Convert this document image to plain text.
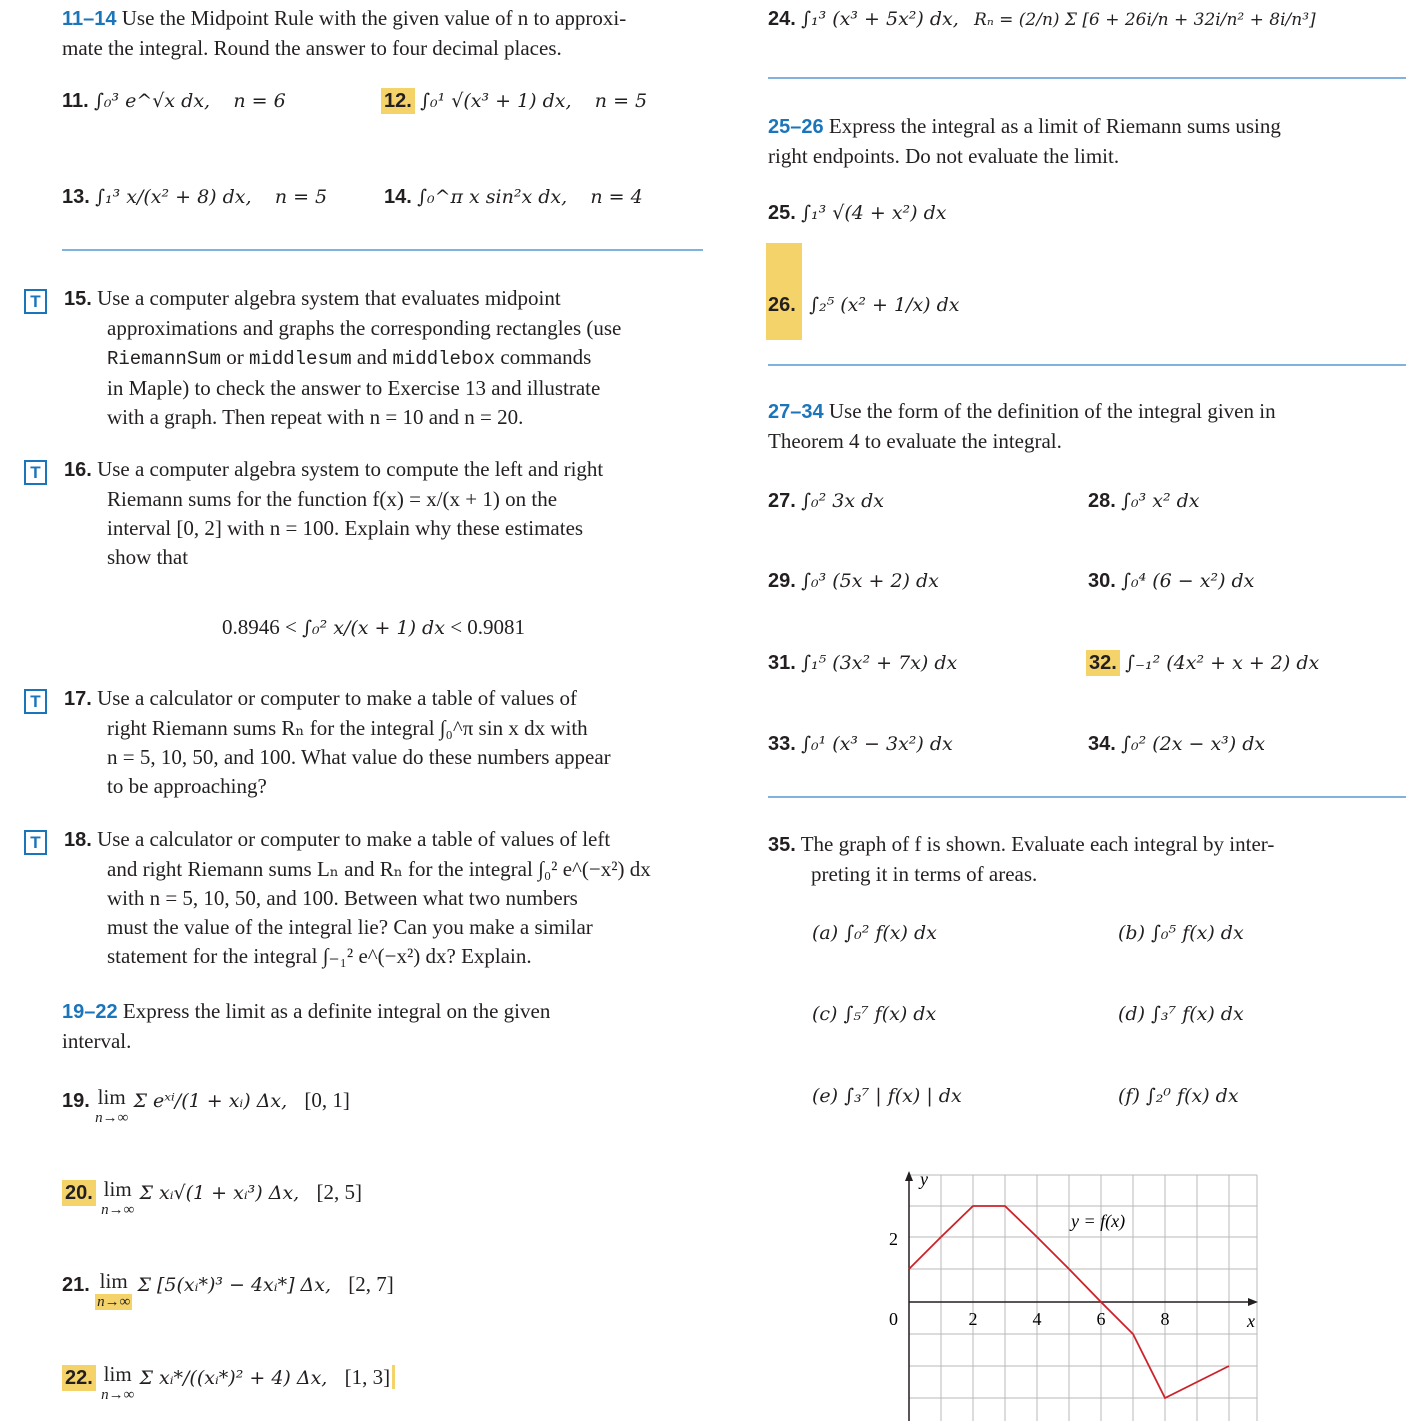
11–14 Use the Midpoint Rule with the given value of n to approxi-
mate the integral. Round the answer to four decimal places.
11. ∫₀³ e^√x dx, n = 6	12. ∫₀¹ √(x³ + 1) dx, n = 5
13. ∫₁³ x/(x² + 8) dx, n = 5	14. ∫₀^π x sin²x dx, n = 4
T	15. Use a computer algebra system that evaluates midpoint
approximations and graphs the corresponding rectangles (use
RiemannSum or middlesum and middlebox commands
in Maple) to check the answer to Exercise 13 and illustrate
with a graph. Then repeat with n = 10 and n = 20.
T	16. Use a computer algebra system to compute the left and right
Riemann sums for the function f(x) = x/(x + 1) on the
interval [0, 2] with n = 100. Explain why these estimates
show that
0.8946 < ∫₀² x/(x + 1) dx < 0.9081
T	17. Use a calculator or computer to make a table of values of
right Riemann sums Rₙ for the integral ∫₀^π sin x dx with
n = 5, 10, 50, and 100. What value do these numbers appear
to be approaching?
T	18. Use a calculator or computer to make a table of values of left
and right Riemann sums Lₙ and Rₙ for the integral ∫₀² e^(−x²) dx
with n = 5, 10, 50, and 100. Between what two numbers
must the value of the integral lie? Can you make a similar
statement for the integral ∫₋₁² e^(−x²) dx? Explain.
19–22 Express the limit as a definite integral on the given
interval.
19. lim
n→∞ Σ eˣⁱ/(1 + xᵢ) Δx, [0, 1]
20. lim
n→∞ Σ xᵢ√(1 + xᵢ³) Δx, [2, 5]
21. lim
n→∞ Σ [5(xᵢ*)³ − 4xᵢ*] Δx, [2, 7]
22. lim
n→∞ Σ xᵢ*/((xᵢ*)² + 4) Δx, [1, 3]
24. ∫₁³ (x³ + 5x²) dx, Rₙ = (2/n) Σ [6 + 26i/n + 32i/n² + 8i/n³]
25–26 Express the integral as a limit of Riemann sums using
right endpoints. Do not evaluate the limit.
25. ∫₁³ √(4 + x²) dx
26. ∫₂⁵ (x² + 1/x) dx
27–34 Use the form of the definition of the integral given in
Theorem 4 to evaluate the integral.
27. ∫₀² 3x dx	28. ∫₀³ x² dx
29. ∫₀³ (5x + 2) dx	30. ∫₀⁴ (6 − x²) dx
31. ∫₁⁵ (3x² + 7x) dx	32. ∫₋₁² (4x² + x + 2) dx
33. ∫₀¹ (x³ − 3x²) dx	34. ∫₀² (2x − x³) dx
35. The graph of f is shown. Evaluate each integral by inter-
preting it in terms of areas.
(a) ∫₀² f(x) dx	(b) ∫₀⁵ f(x) dx
(c) ∫₅⁷ f(x) dx	(d) ∫₃⁷ f(x) dx
(e) ∫₃⁷ | f(x) | dx	(f) ∫₂⁰ f(x) dx
y
x
2
0	2	4	6	8
y = f(x)
